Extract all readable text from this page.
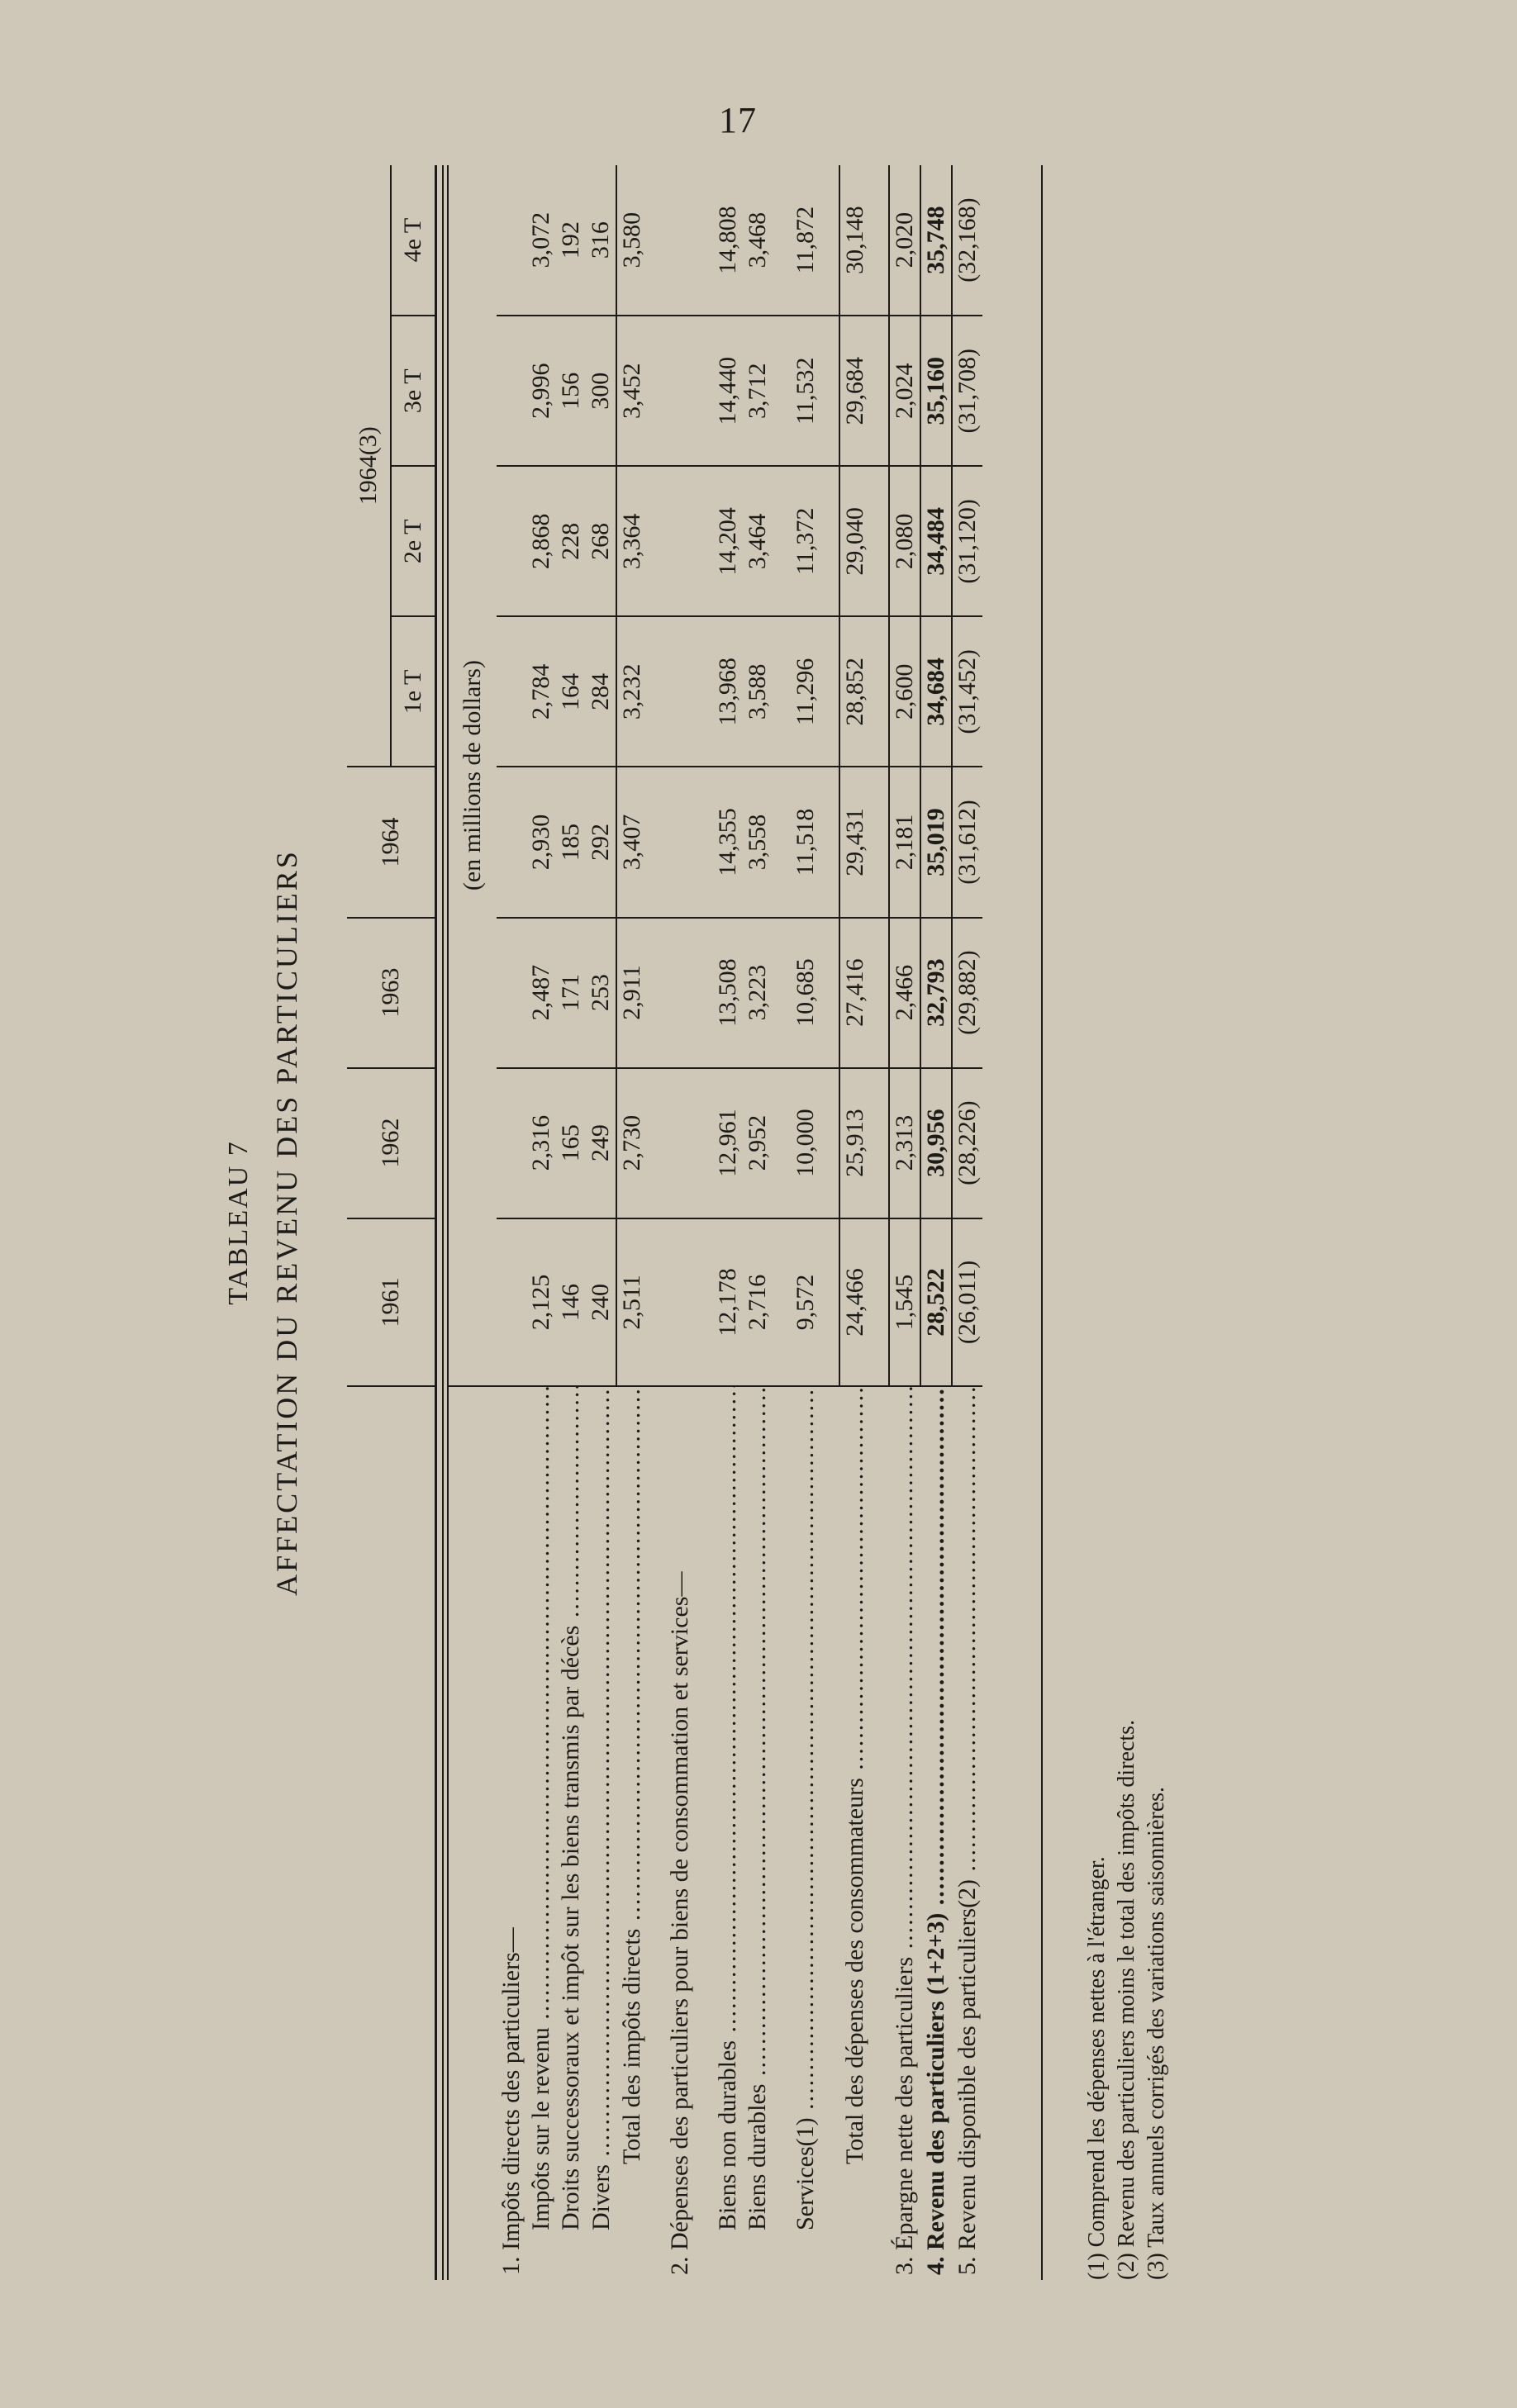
17
TABLEAU 7 AFFECTATION DU REVENU DES PARTICULIERS

		1961	1962	1963	1964	1964(3)			
					1e T	2e T	3e T	4e T

	(en millions de dollars)							
1. Impôts directs des particuliers—								
Impôts sur le revenu .....	2,125	2,316	2,487	2,930	2,784	2,868	2,996	3,072
Droits successoraux et impôt sur les biens transmis par décès .....	146	165	171	185	164	228	156	192
Divers .....	240	249	253	292	284	268	300	316
Total des impôts directs .....	2,511	2,730	2,911	3,407	3,232	3,364	3,452	3,580

2. Dépenses des particuliers pour biens de consommation et services—								

Biens non durables .....	12,178	12,961	13,508	14,355	13,968	14,204	14,440	14,808
Biens durables .....	2,716	2,952	3,223	3,558	3,588	3,464	3,712	3,468

Services(1) .....	9,572	10,000	10,685	11,518	11,296	11,372	11,532	11,872

Total des dépenses des consommateurs .....	24,466	25,913	27,416	29,431	28,852	29,040	29,684	30,148

3. Épargne nette des particuliers .....	1,545	2,313	2,466	2,181	2,600	2,080	2,024	2,020
4. Revenu des particuliers (1+2+3) .....	28,522	30,956	32,793	35,019	34,684	34,484	35,160	35,748
5. Revenu disponible des particuliers(2) .....	(26,011)	(28,226)	(29,882)	(31,612)	(31,452)	(31,120)	(31,708)	(32,168)
(1) Comprend les dépenses nettes à l'étranger. (2) Revenu des particuliers moins le total des impôts directs. (3) Taux annuels corrigés des variations saisonnières.
